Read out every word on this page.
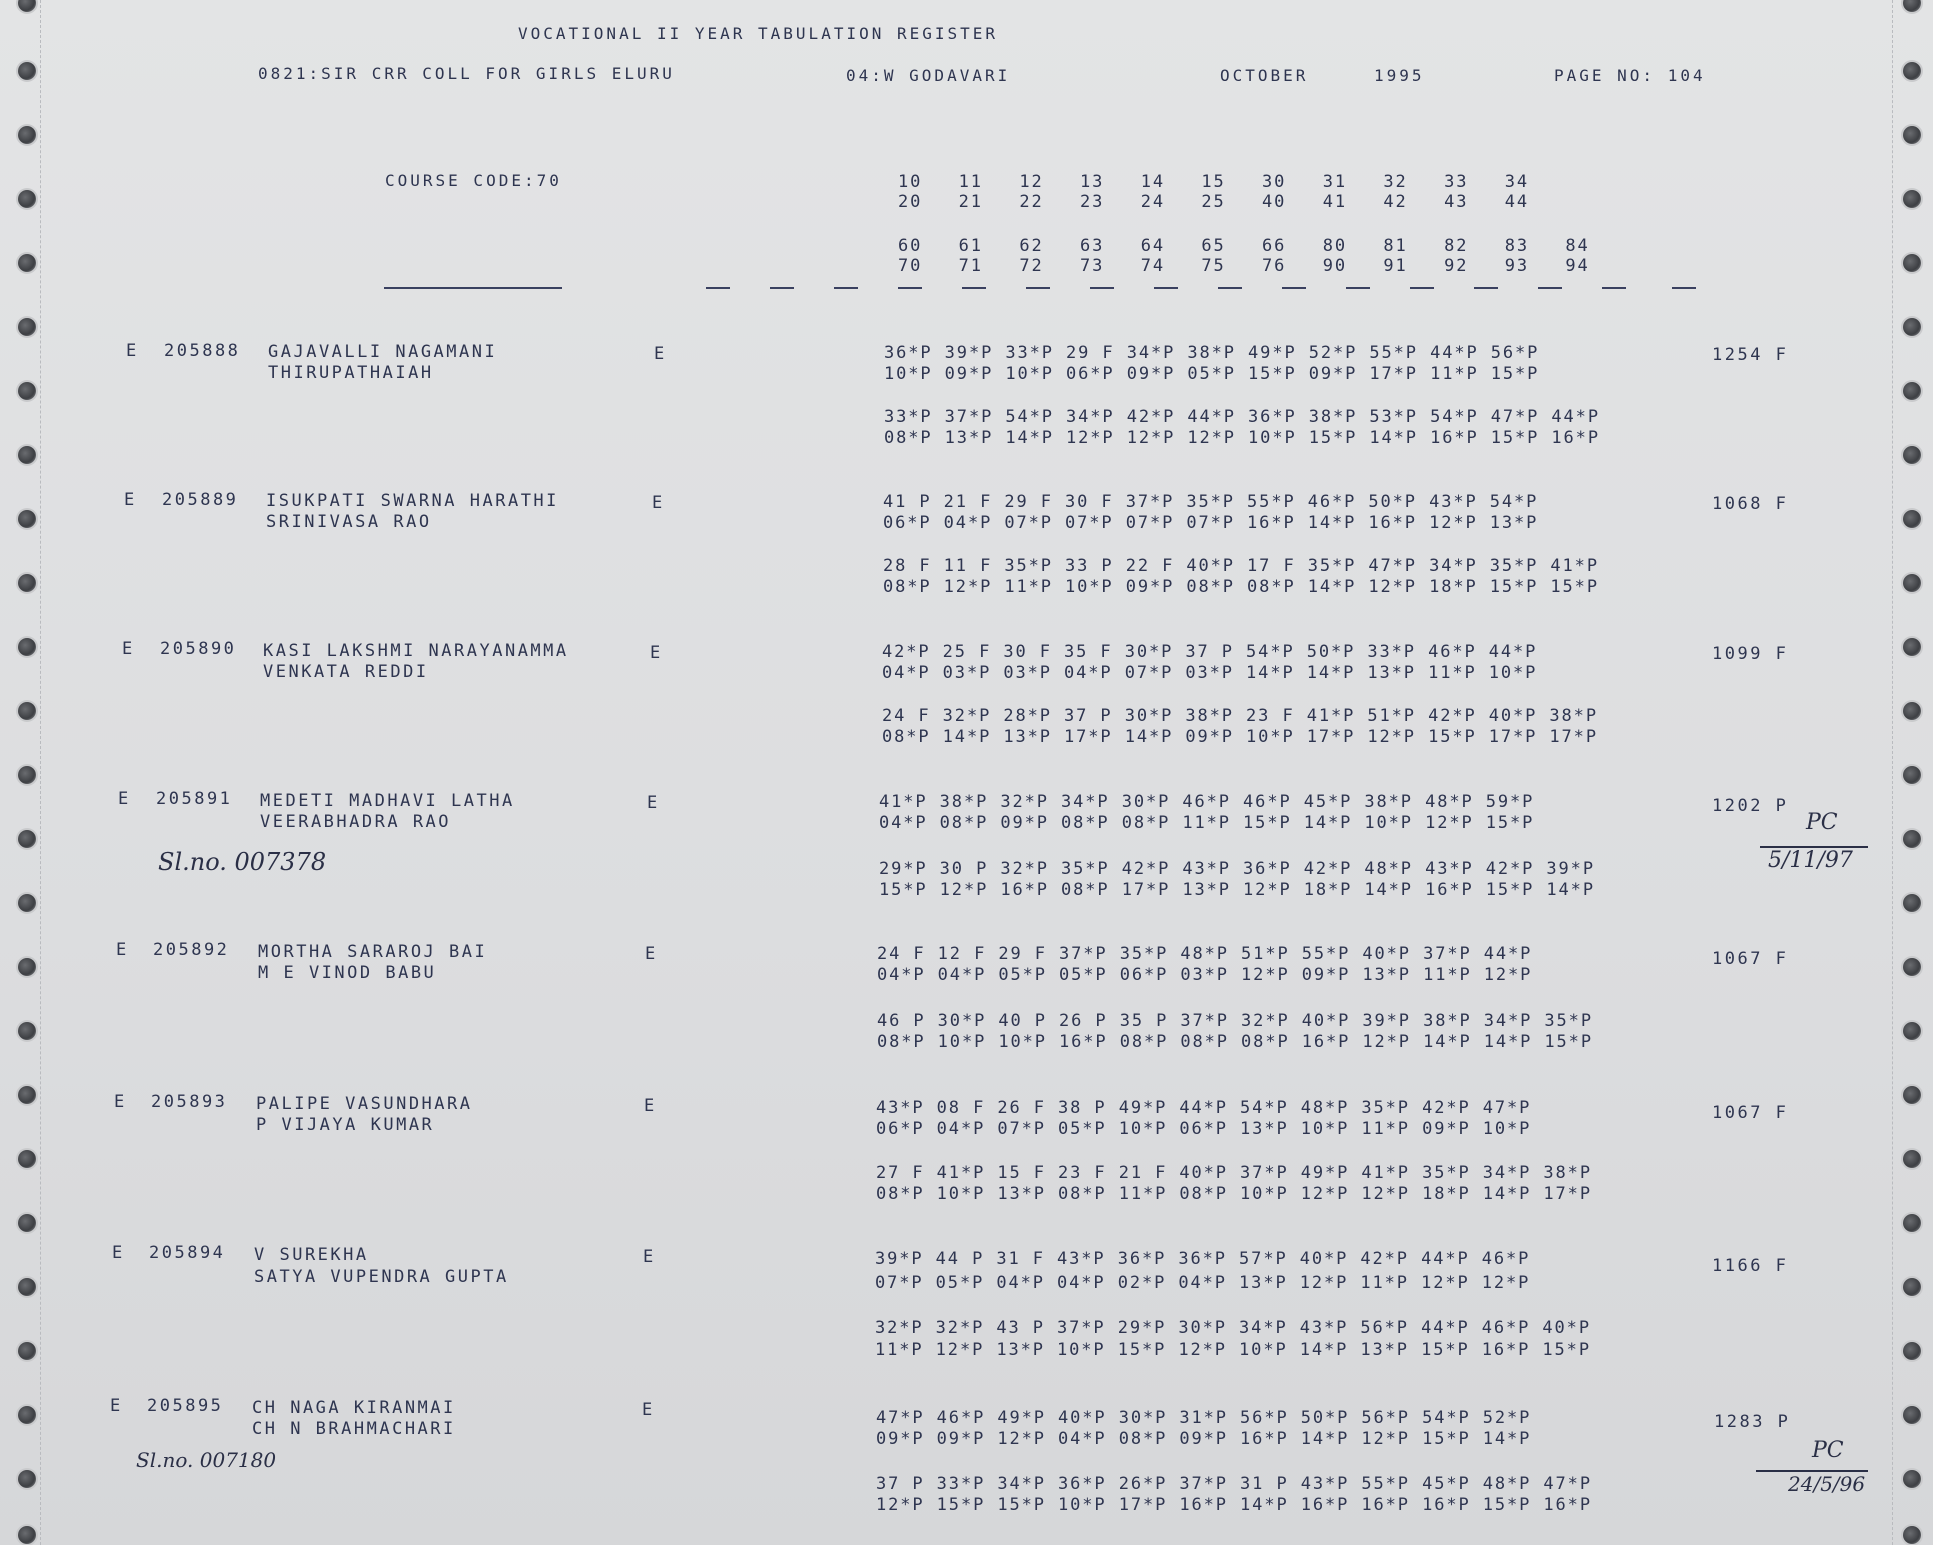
VOCATIONAL II YEAR TABULATION REGISTER
0821:SIR CRR COLL FOR GIRLS ELURU	04:W GODAVARI	OCTOBER	1995	PAGE NO: 104
COURSE CODE:70	10   11   12   13   14   15   30   31   32   33   34
20   21   22   23   24   25   40   41   42   43   44
60   61   62   63   64   65   66   80   81   82   83   84
70   71   72   73   74   75   76   90   91   92   93   94
E 205888 GAJAVALLI NAGAMANI
THIRUPATHAIAH
E	36*P 39*P 33*P 29 F 34*P 38*P 49*P 52*P 55*P 44*P 56*P
10*P 09*P 10*P 06*P 09*P 05*P 15*P 09*P 17*P 11*P 15*P
33*P 37*P 54*P 34*P 42*P 44*P 36*P 38*P 53*P 54*P 47*P 44*P
08*P 13*P 14*P 12*P 12*P 12*P 10*P 15*P 14*P 16*P 15*P 16*P
1254 F
E 205889 ISUKPATI SWARNA HARATHI
SRINIVASA RAO
E	41 P 21 F 29 F 30 F 37*P 35*P 55*P 46*P 50*P 43*P 54*P
06*P 04*P 07*P 07*P 07*P 07*P 16*P 14*P 16*P 12*P 13*P
28 F 11 F 35*P 33 P 22 F 40*P 17 F 35*P 47*P 34*P 35*P 41*P
08*P 12*P 11*P 10*P 09*P 08*P 08*P 14*P 12*P 18*P 15*P 15*P
1068 F
E 205890 KASI LAKSHMI NARAYANAMMA
VENKATA REDDI
E	42*P 25 F 30 F 35 F 30*P 37 P 54*P 50*P 33*P 46*P 44*P
04*P 03*P 03*P 04*P 07*P 03*P 14*P 14*P 13*P 11*P 10*P
24 F 32*P 28*P 37 P 30*P 38*P 23 F 41*P 51*P 42*P 40*P 38*P
08*P 14*P 13*P 17*P 14*P 09*P 10*P 17*P 12*P 15*P 17*P 17*P
1099 F
E 205891 MEDETI MADHAVI LATHA
VEERABHADRA RAO
E	41*P 38*P 32*P 34*P 30*P 46*P 46*P 45*P 38*P 48*P 59*P
04*P 08*P 09*P 08*P 08*P 11*P 15*P 14*P 10*P 12*P 15*P
29*P 30 P 32*P 35*P 42*P 43*P 36*P 42*P 48*P 43*P 42*P 39*P
15*P 12*P 16*P 08*P 17*P 13*P 12*P 18*P 14*P 16*P 15*P 14*P
1202 P
E 205892 MORTHA SARAROJ BAI
M E VINOD BABU
E	24 F 12 F 29 F 37*P 35*P 48*P 51*P 55*P 40*P 37*P 44*P
04*P 04*P 05*P 05*P 06*P 03*P 12*P 09*P 13*P 11*P 12*P
46 P 30*P 40 P 26 P 35 P 37*P 32*P 40*P 39*P 38*P 34*P 35*P
08*P 10*P 10*P 16*P 08*P 08*P 08*P 16*P 12*P 14*P 14*P 15*P
1067 F
E 205893 PALIPE VASUNDHARA
P VIJAYA KUMAR
E	43*P 08 F 26 F 38 P 49*P 44*P 54*P 48*P 35*P 42*P 47*P
06*P 04*P 07*P 05*P 10*P 06*P 13*P 10*P 11*P 09*P 10*P
27 F 41*P 15 F 23 F 21 F 40*P 37*P 49*P 41*P 35*P 34*P 38*P
08*P 10*P 13*P 08*P 11*P 08*P 10*P 12*P 12*P 18*P 14*P 17*P
1067 F
E 205894 V SUREKHA
SATYA VUPENDRA GUPTA
E	39*P 44 P 31 F 43*P 36*P 36*P 57*P 40*P 42*P 44*P 46*P
07*P 05*P 04*P 04*P 02*P 04*P 13*P 12*P 11*P 12*P 12*P
32*P 32*P 43 P 37*P 29*P 30*P 34*P 43*P 56*P 44*P 46*P 40*P
11*P 12*P 13*P 10*P 15*P 12*P 10*P 14*P 13*P 15*P 16*P 15*P
1166 F
E 205895 CH NAGA KIRANMAI
CH N BRAHMACHARI
E	47*P 46*P 49*P 40*P 30*P 31*P 56*P 50*P 56*P 54*P 52*P
09*P 09*P 12*P 04*P 08*P 09*P 16*P 14*P 12*P 15*P 14*P
37 P 33*P 34*P 36*P 26*P 37*P 31 P 43*P 55*P 45*P 48*P 47*P
12*P 15*P 15*P 10*P 17*P 16*P 14*P 16*P 16*P 16*P 15*P 16*P
1283 P
Sl.no. 007378
Sl.no. 007180
PC
5/11/97
PC
24/5/96
